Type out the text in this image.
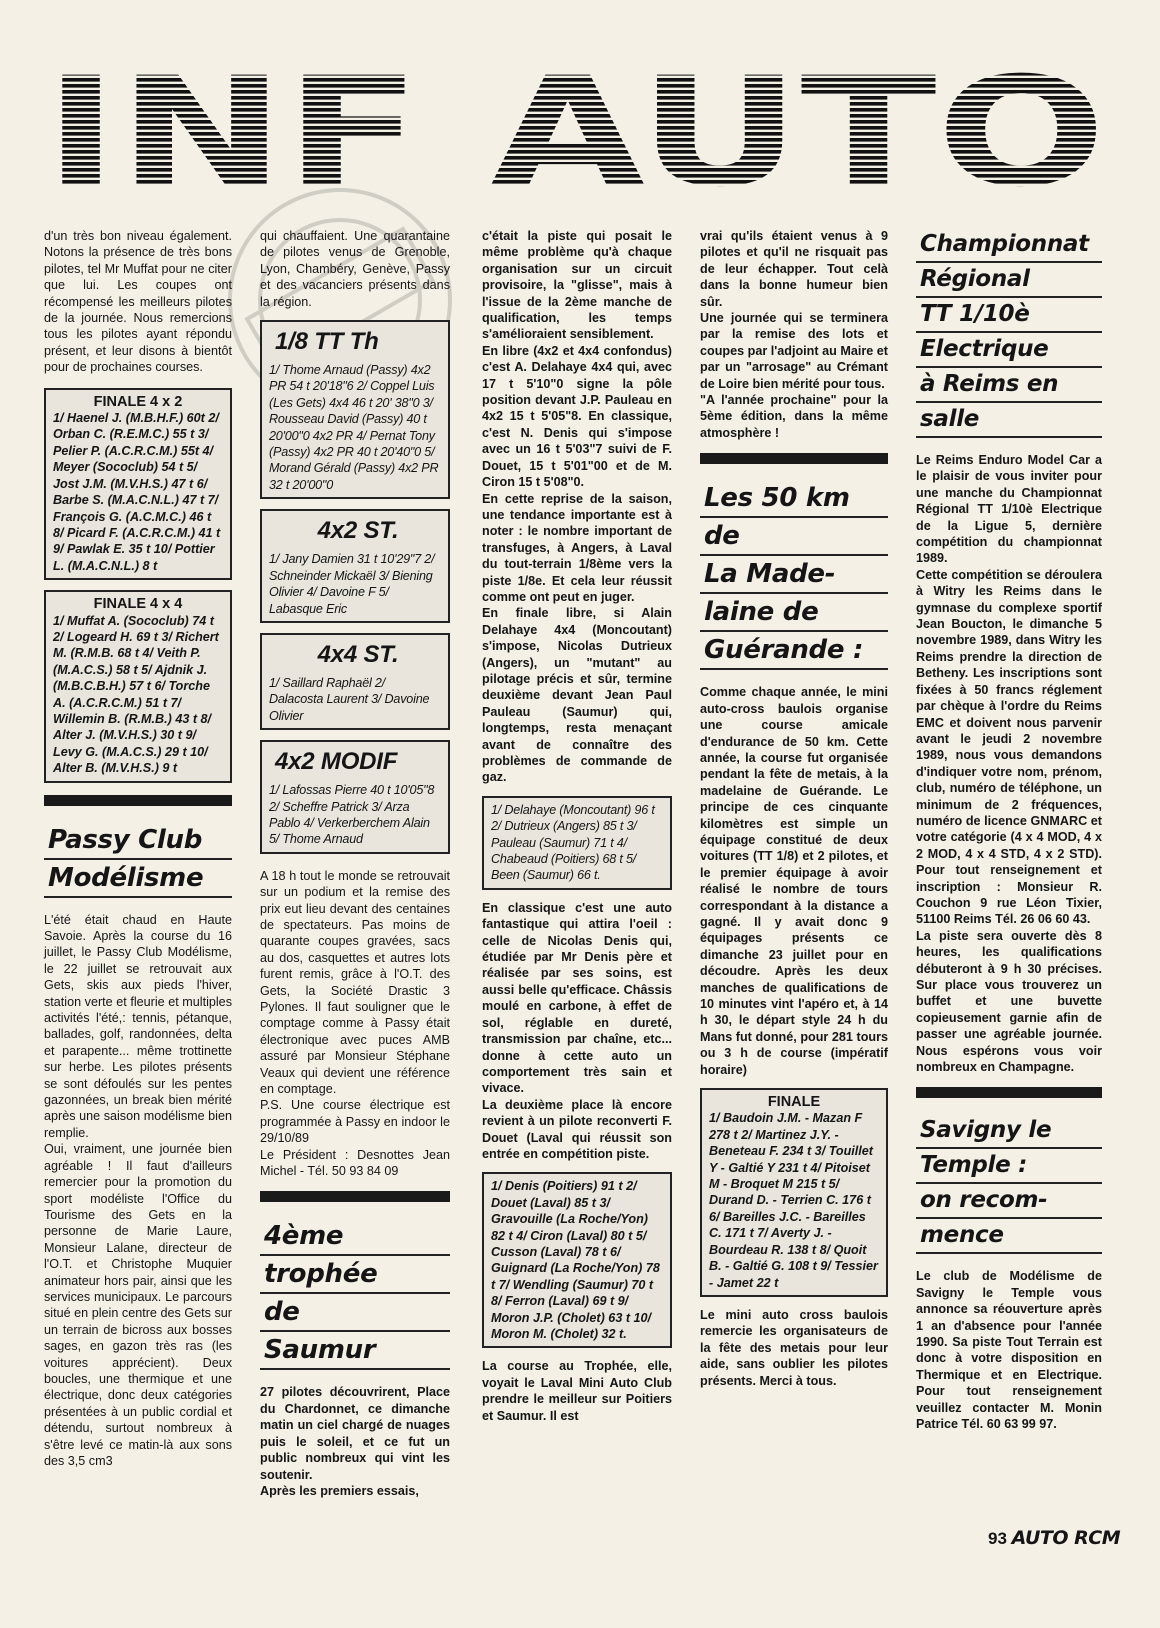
d'un très bon niveau également. Notons la présence de très bons pilotes, tel Mr Muffat pour ne citer que lui. Les coupes ont récompensé les meilleurs pilotes de la journée. Nous remercions tous les pilotes ayant répondu présent, et leur disons à bientôt pour de prochaines courses.

FINALE 4 x 2
1/ Haenel J. (M.B.H.F.) 60t 2/ Orban C. (R.E.M.C.) 55 t 3/ Pelier P. (A.C.R.C.M.) 55t 4/ Meyer (Sococlub) 54 t 5/ Jost J.M. (M.V.H.S.) 47 t 6/ Barbe S. (M.A.C.N.L.) 47 t 7/ François G. (A.C.M.C.) 46 t 8/ Picard F. (A.C.R.C.M.) 41 t 9/ Pawlak E. 35 t 10/ Pottier L. (M.A.C.N.L.) 8 t
FINALE 4 x 4
1/ Muffat A. (Sococlub) 74 t 2/ Logeard H. 69 t 3/ Richert M. (R.M.B. 68 t 4/ Veith P. (M.A.C.S.) 58 t 5/ Ajdnik J. (M.B.C.B.H.) 57 t 6/ Torche A. (A.C.R.C.M.) 51 t 7/ Willemin B. (R.M.B.) 43 t 8/ Alter J. (M.V.H.S.) 30 t 9/ Levy G. (M.A.C.S.) 29 t 10/ Alter B. (M.V.H.S.) 9 t
Passy Club
Modélisme

L'été était chaud en Haute Savoie. Après la course du 16 juillet, le Passy Club Modélisme, le 22 juillet se retrouvait aux Gets, skis aux pieds l'hiver, station verte et fleurie et multiples activités l'été,: tennis, pétanque, ballades, golf, randonnées, delta et parapente... même trottinette sur herbe. Les pilotes présents se sont défoulés sur les pentes gazonnées, un break bien mérité après une saison modélisme bien remplie.

Oui, vraiment, une journée bien agréable ! Il faut d'ailleurs remercier pour la promotion du sport modéliste l'Office du Tourisme des Gets en la personne de Marie Laure, Monsieur Lalane, directeur de l'O.T. et Christophe Muquier animateur hors pair, ainsi que les services municipaux. Le parcours situé en plein centre des Gets sur un terrain de bicross aux bosses sages, en gazon très ras (les voitures apprécient). Deux boucles, une thermique et une électrique, donc deux catégories présentées à un public cordial et détendu, surtout nombreux à s'être levé ce matin-là aux sons des 3,5 cm3

qui chauffaient. Une quarantaine de pilotes venus de Grenoble, Lyon, Chambéry, Genève, Passy et des vacanciers présents dans la région.

1/8 TT Th
1/ Thome Arnaud (Passy) 4x2 PR 54 t 20'18"6 2/ Coppel Luis (Les Gets) 4x4 46 t 20' 38"0 3/ Rousseau David (Passy) 40 t 20'00"0 4x2 PR 4/ Pernat Tony (Passy) 4x2 PR 40 t 20'40"0 5/ Morand Gérald (Passy) 4x2 PR 32 t 20'00"0
4x2 ST.
1/ Jany Damien 31 t 10'29"7 2/ Schneinder Mickaël 3/ Biening Olivier 4/ Davoine F 5/ Labasque Eric
4x4 ST.
1/ Saillard Raphaël 2/ Dalacosta Laurent 3/ Davoine Olivier
4x2 MODIF
1/ Lafossas Pierre 40 t 10'05"8 2/ Scheffre Patrick 3/ Arza Pablo 4/ Verkerberchem Alain 5/ Thome Arnaud

A 18 h tout le monde se retrouvait sur un podium et la remise des prix eut lieu devant des centaines de spectateurs. Pas moins de quarante coupes gravées, sacs au dos, casquettes et autres lots furent remis, grâce à l'O.T. des Gets, la Société Drastic 3 Pylones. Il faut souligner que le comptage comme à Passy était électronique avec puces AMB assuré par Monsieur Stéphane Veaux qui devient une référence en comptage.

P.S. Une course électrique est programmée à Passy en indoor le 29/10/89

Le Président : Desnottes Jean Michel - Tél. 50 93 84 09

4ème
trophée
de
Saumur

27 pilotes découvrirent, Place du Chardonnet, ce dimanche matin un ciel chargé de nuages puis le soleil, et ce fut un public nombreux qui vint les soutenir.

Après les premiers essais,

c'était la piste qui posait le même problème qu'à chaque organisation sur un circuit provisoire, la "glisse", mais à l'issue de la 2ème manche de qualification, les temps s'amélioraient sensiblement.

En libre (4x2 et 4x4 confondus) c'est A. Delahaye 4x4 qui, avec 17 t 5'10"0 signe la pôle position devant J.P. Pauleau en 4x2 15 t 5'05"8. En classique, c'est N. Denis qui s'impose avec un 16 t 5'03"7 suivi de F. Douet, 15 t 5'01"00 et de M. Ciron 15 t 5'08"0.

En cette reprise de la saison, une tendance importante est à noter : le nombre important de transfuges, à Angers, à Laval du tout-terrain 1/8ème vers la piste 1/8e. Et cela leur réussit comme ont peut en juger.

En finale libre, si Alain Delahaye 4x4 (Moncoutant) s'impose, Nicolas Dutrieux (Angers), un "mutant" au pilotage précis et sûr, termine deuxième devant Jean Paul Pauleau (Saumur) qui, longtemps, resta menaçant avant de connaître des problèmes de commande de gaz.

1/ Delahaye (Moncoutant) 96 t 2/ Dutrieux (Angers) 85 t 3/ Pauleau (Saumur) 71 t 4/ Chabeaud (Poitiers) 68 t 5/ Been (Saumur) 66 t.

En classique c'est une auto fantastique qui attira l'oeil : celle de Nicolas Denis qui, étudiée par Mr Denis père et réalisée par ses soins, est aussi belle qu'efficace. Châssis moulé en carbone, à effet de sol, réglable en dureté, transmission par chaîne, etc... donne à cette auto un comportement très sain et vivace.

La deuxième place là encore revient à un pilote reconverti F. Douet (Laval qui réussit son entrée en compétition piste.

1/ Denis (Poitiers) 91 t 2/ Douet (Laval) 85 t 3/ Gravouille (La Roche/Yon) 82 t 4/ Ciron (Laval) 80 t 5/ Cusson (Laval) 78 t 6/ Guignard (La Roche/Yon) 78 t 7/ Wendling (Saumur) 70 t 8/ Ferron (Laval) 69 t 9/ Moron J.P. (Cholet) 63 t 10/ Moron M. (Cholet) 32 t.

La course au Trophée, elle, voyait le Laval Mini Auto Club prendre le meilleur sur Poitiers et Saumur. Il est

vrai qu'ils étaient venus à 9 pilotes et qu'il ne risquait pas de leur échapper. Tout celà dans la bonne humeur bien sûr.

Une journée qui se terminera par la remise des lots et coupes par l'adjoint au Maire et par un "arrosage" au Crémant de Loire bien mérité pour tous.

"A l'année prochaine" pour la 5ème édition, dans la même atmosphère !

Les 50 km
de
La Made-
laine de
Guérande :

Comme chaque année, le mini auto-cross baulois organise une course amicale d'endurance de 50 km. Cette année, la course fut organisée pendant la fête de metais, à la madelaine de Guérande. Le principe de ces cinquante kilomètres est simple un équipage constitué de deux voitures (TT 1/8) et 2 pilotes, et le premier équipage à avoir réalisé le nombre de tours correspondant à la distance a gagné. Il y avait donc 9 équipages présents ce dimanche 23 juillet pour en découdre. Après les deux manches de qualifications de 10 minutes vint l'apéro et, à 14 h 30, le départ style 24 h du Mans fut donné, pour 281 tours ou 3 h de course (impératif horaire)

FINALE
1/ Baudoin J.M. - Mazan F 278 t 2/ Martinez J.Y. - Beneteau F. 234 t 3/ Touillet Y - Galtié Y 231 t 4/ Pitoiset M - Broquet M 215 t 5/ Durand D. - Terrien C. 176 t 6/ Bareilles J.C. - Bareilles C. 171 t 7/ Averty J. - Bourdeau R. 138 t 8/ Quoit B. - Galtié G. 108 t 9/ Tessier - Jamet 22 t

Le mini auto cross baulois remercie les organisateurs de la fête des metais pour leur aide, sans oublier les pilotes présents. Merci à tous.

Championnat
Régional
TT 1/10è
Electrique
à Reims en
salle

Le Reims Enduro Model Car a le plaisir de vous inviter pour une manche du Championnat Régional TT 1/10è Electrique de la Ligue 5, dernière compétition du championnat 1989.

Cette compétition se déroulera à Witry les Reims dans le gymnase du complexe sportif Jean Boucton, le dimanche 5 novembre 1989, dans Witry les Reims prendre la direction de Betheny. Les inscriptions sont fixées à 50 francs réglement par chèque à l'ordre du Reims EMC et doivent nous parvenir avant le jeudi 2 novembre 1989, nous vous demandons d'indiquer votre nom, prénom, club, numéro de téléphone, un minimum de 2 fréquences, numéro de licence GNMARC et votre catégorie (4 x 4 MOD, 4 x 2 MOD, 4 x 4 STD, 4 x 2 STD). Pour tout renseignement et inscription : Monsieur R. Couchon 9 rue Léon Tixier, 51100 Reims Tél. 26 06 60 43.

La piste sera ouverte dès 8 heures, les qualifications débuteront à 9 h 30 précises. Sur place vous trouverez un buffet et une buvette copieusement garnie afin de passer une agréable journée. Nous espérons vous voir nombreux en Champagne.

Savigny le
Temple :
on recom-
mence

Le club de Modélisme de Savigny le Temple vous annonce sa réouverture après 1 an d'absence pour l'année 1990. Sa piste Tout Terrain est donc à votre disposition en Thermique et en Electrique. Pour tout renseignement veuillez contacter M. Monin Patrice Tél. 60 63 99 97.

93 AUTO RCM
